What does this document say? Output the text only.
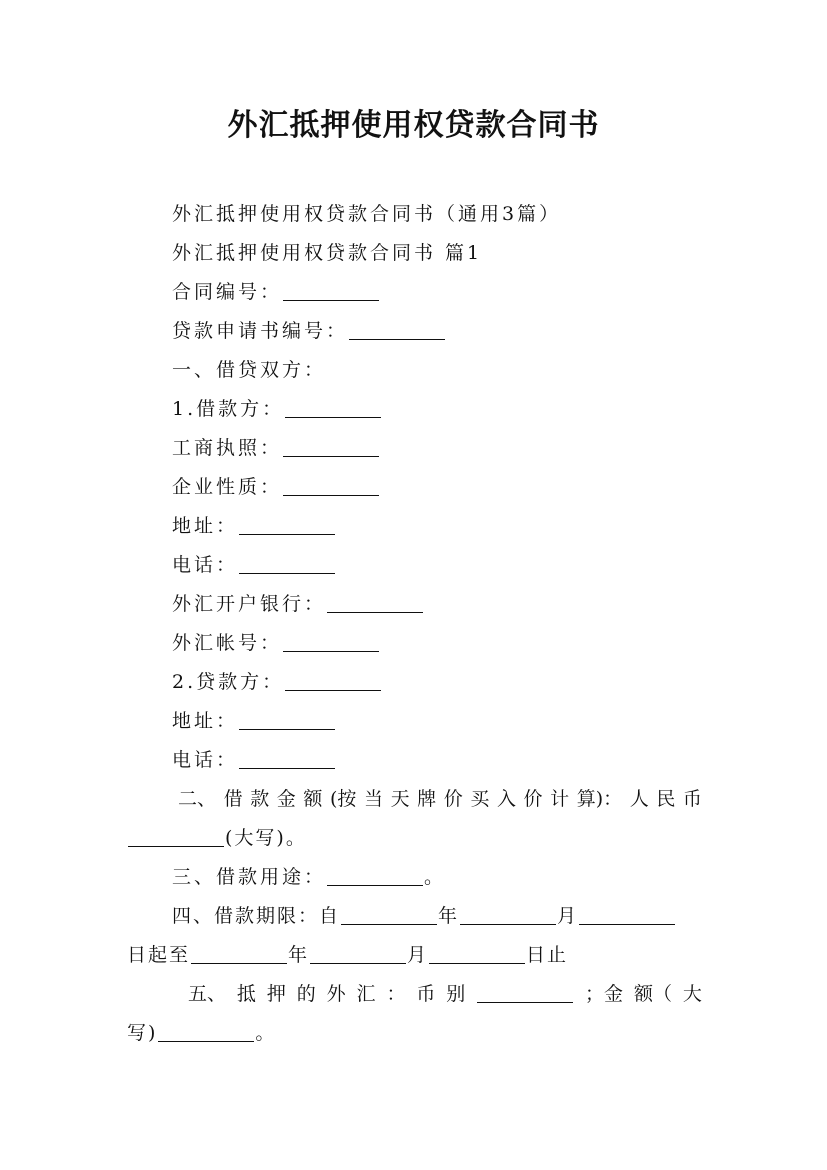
外汇抵押使用权贷款合同书
外汇抵押使用权贷款合同书（通用3篇）
外汇抵押使用权贷款合同书 篇1
合同编号：
贷款申请书编号：
一、借贷双方：
1.借款方：
工商执照：
企业性质：
地址：
电话：
外汇开户银行：
外汇帐号：
2.贷款方：
地址：
电话：
二、 借 款 金 额 (按 当 天 牌 价 买 入 价 计 算)： 人 民 币
(大写)。
三、借款用途：	。
四、借款期限：自	年	月
日起至	年	月	日止
五、 抵 押 的 外 汇 ： 币 别	；金 额（ 大
写)	。
